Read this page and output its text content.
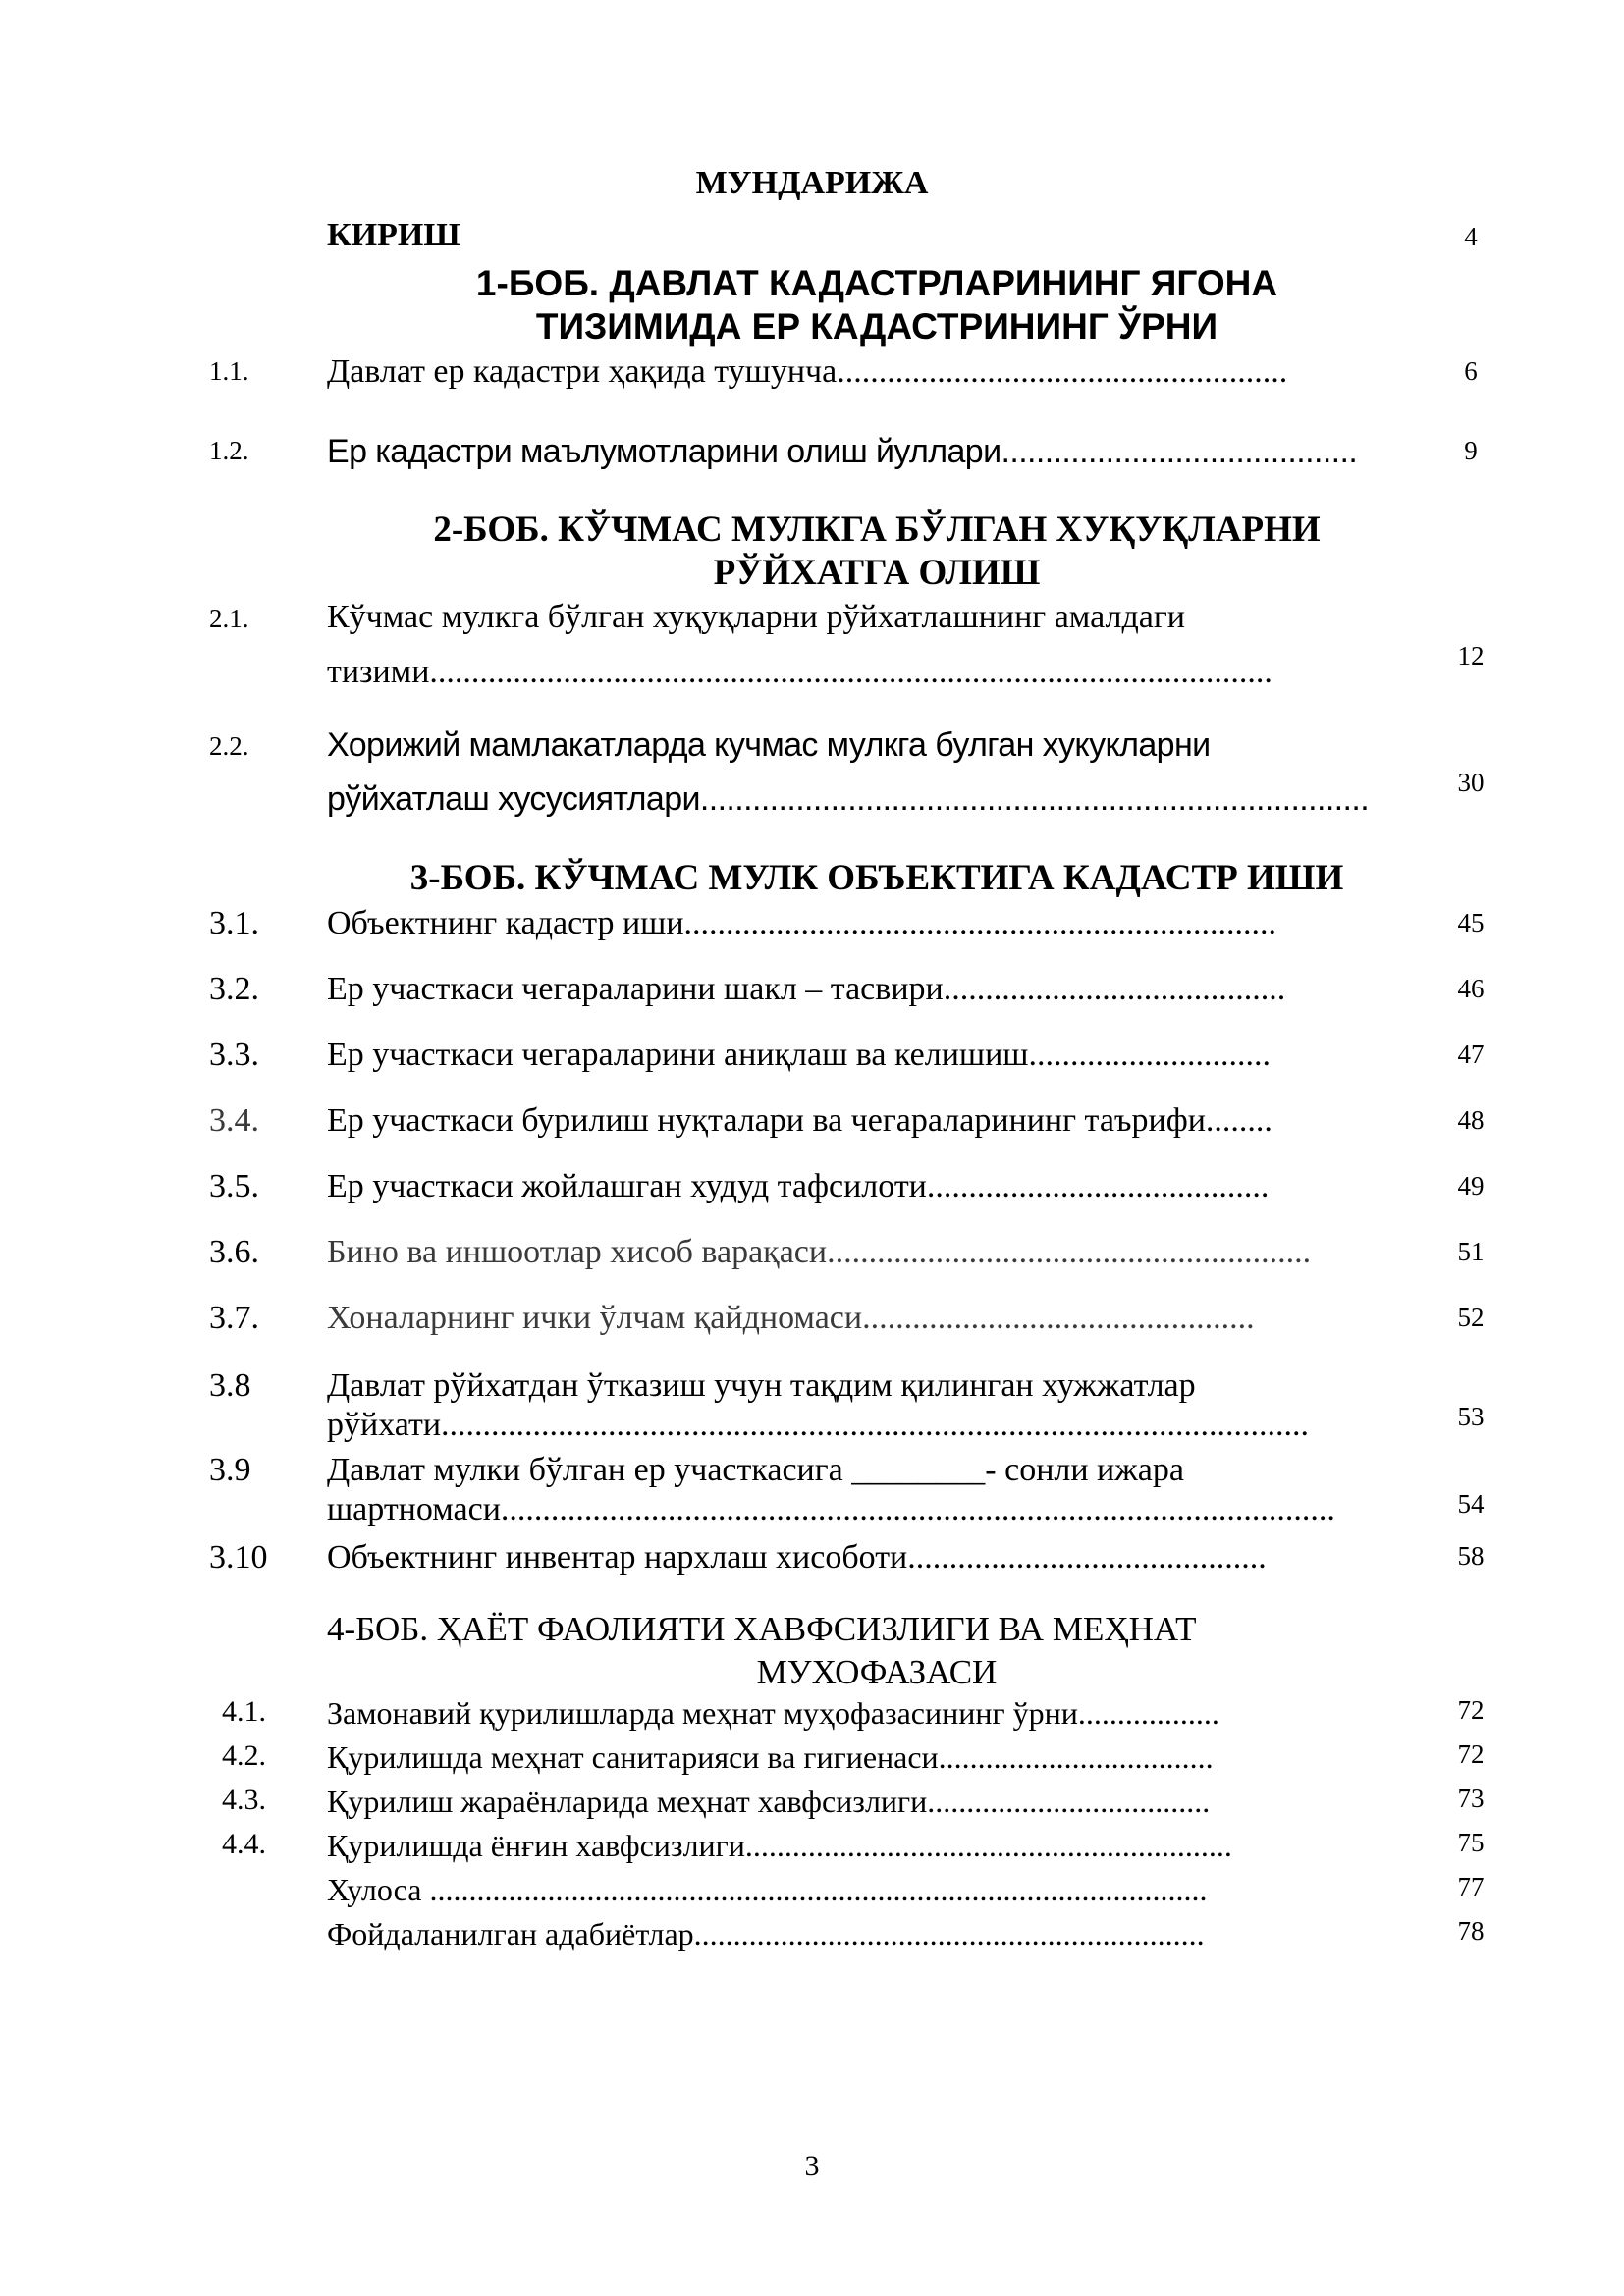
МУНДАРИЖА
КИРИШ	4
1-БОБ. ДАВЛАТ КАДАСТРЛАРИНИНГ ЯГОНА
ТИЗИМИДА ЕР КАДАСТРИНИНГ ЎРНИ
1.1. Давлат ер кадастри ҳақида тушунча......................................................	6
1.2. Ер кадастри маълумотларини олиш йуллари.........................................	9
2-БОБ. КЎЧМАС МУЛКГА БЎЛГАН ХУҚУҚЛАРНИ
РЎЙХАТГА ОЛИШ
2.1. Кўчмас мулкга бўлган хуқуқларни рўйхатлашнинг амалдаги
тизими.....................................................................................................	12
2.2. Хорижий мамлакатларда кучмас мулкга булган хукукларни
рўйхатлаш хусусиятлари.............................................................................	30
3-БОБ. КЎЧМАС МУЛК ОБЪЕКТИГА КАДАСТР ИШИ
3.1. Объектнинг кадастр иши.......................................................................	45
3.2. Ер участкаси чегараларини шакл – тасвири.........................................	46
3.3. Ер участкаси чегараларини аниқлаш ва келишиш.............................	47
3.4. Ер участкаси бурилиш нуқталари ва чегараларининг таърифи........	48
3.5. Ер участкаси жойлашган худуд тафсилоти.........................................	49
3.6. Бино ва иншоотлар хисоб варақаси..........................................................	51
3.7. Хоналарнинг ички ўлчам қайдномаси...............................................	52
3.8 Давлат рўйхатдан ўтказиш учун тақдим қилинган хужжатлар
рўйхати........................................................................................................	53
3.9 Давлат мулки бўлган ер участкасига ________- сонли ижара
шартномаси....................................................................................................	54
3.10 Объектнинг инвентар нархлаш хисоботи...........................................	58
4-БОБ. ҲАЁТ ФАОЛИЯТИ ХАВФСИЗЛИГИ ВА МЕҲНАТ
МУХОФАЗАСИ
4.1. Замонавий қурилишларда меҳнат муҳофазасининг ўрни..................	72
4.2. Қурилишда меҳнат санитарияси ва гигиенаси...................................	72
4.3. Қурилиш жараёнларида меҳнат хавфсизлиги....................................	73
4.4. Қурилишда ёнғин хавфсизлиги..............................................................	75
Хулоса ...................................................................................................	77
Фойдаланилган адабиётлар.................................................................	78
3
